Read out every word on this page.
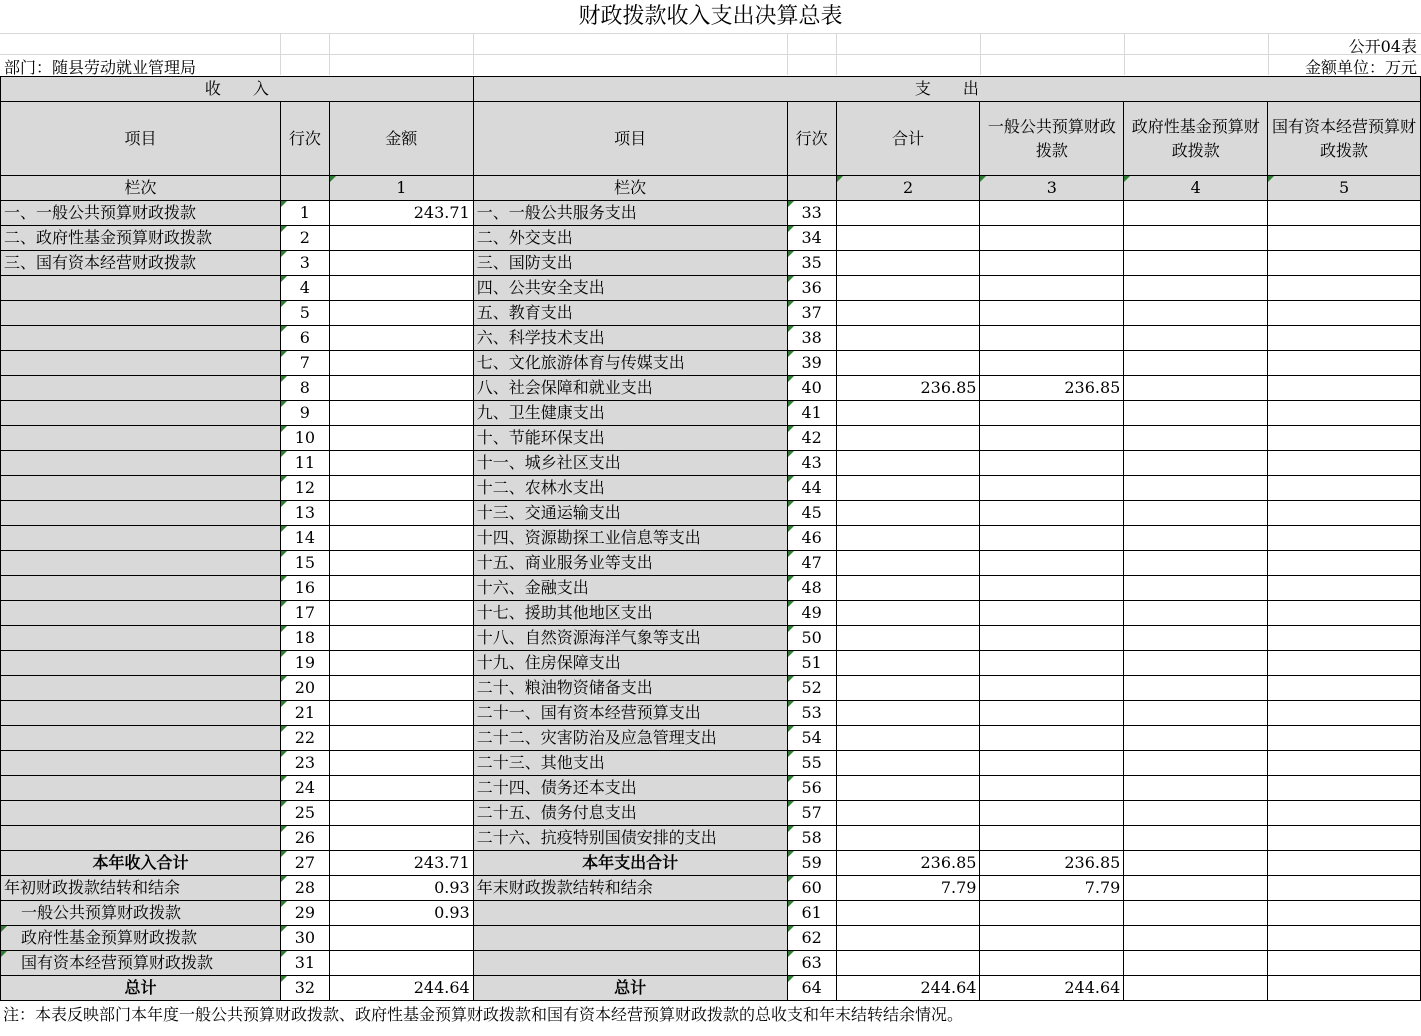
财政拨款收入支出决算总表
公开04表
部门：随县劳动就业管理局	金额单位：万元
收　　入			支　　出					
项目	行次	金额	项目	行次	合计	一般公共预算财政拨款	政府性基金预算财政拨款	国有资本经营预算财政拨款
栏次		1	栏次		2	3	4	5
一、一般公共预算财政拨款	1	243.71	一、一般公共服务支出	33				
二、政府性基金预算财政拨款	2		二、外交支出	34				
三、国有资本经营财政拨款	3		三、国防支出	35				
	4		四、公共安全支出	36				
	5		五、教育支出	37				
	6		六、科学技术支出	38				
	7		七、文化旅游体育与传媒支出	39				
	8		八、社会保障和就业支出	40	236.85	236.85		
	9		九、卫生健康支出	41				
	10		十、节能环保支出	42				
	11		十一、城乡社区支出	43				
	12		十二、农林水支出	44				
	13		十三、交通运输支出	45				
	14		十四、资源勘探工业信息等支出	46				
	15		十五、商业服务业等支出	47				
	16		十六、金融支出	48				
	17		十七、援助其他地区支出	49				
	18		十八、自然资源海洋气象等支出	50				
	19		十九、住房保障支出	51				
	20		二十、粮油物资储备支出	52				
	21		二十一、国有资本经营预算支出	53				
	22		二十二、灾害防治及应急管理支出	54				
	23		二十三、其他支出	55				
	24		二十四、债务还本支出	56				
	25		二十五、债务付息支出	57				
	26		二十六、抗疫特别国债安排的支出	58				
本年收入合计	27	243.71	本年支出合计	59	236.85	236.85		
年初财政拨款结转和结余	28	0.93	年末财政拨款结转和结余	60	7.79	7.79		
一般公共预算财政拨款	29	0.93		61				
政府性基金预算财政拨款	30			62				
国有资本经营预算财政拨款	31			63				
总计	32	244.64	总计	64	244.64	244.64		
注：本表反映部门本年度一般公共预算财政拨款、政府性基金预算财政拨款和国有资本经营预算财政拨款的总收支和年末结转结余情况。
